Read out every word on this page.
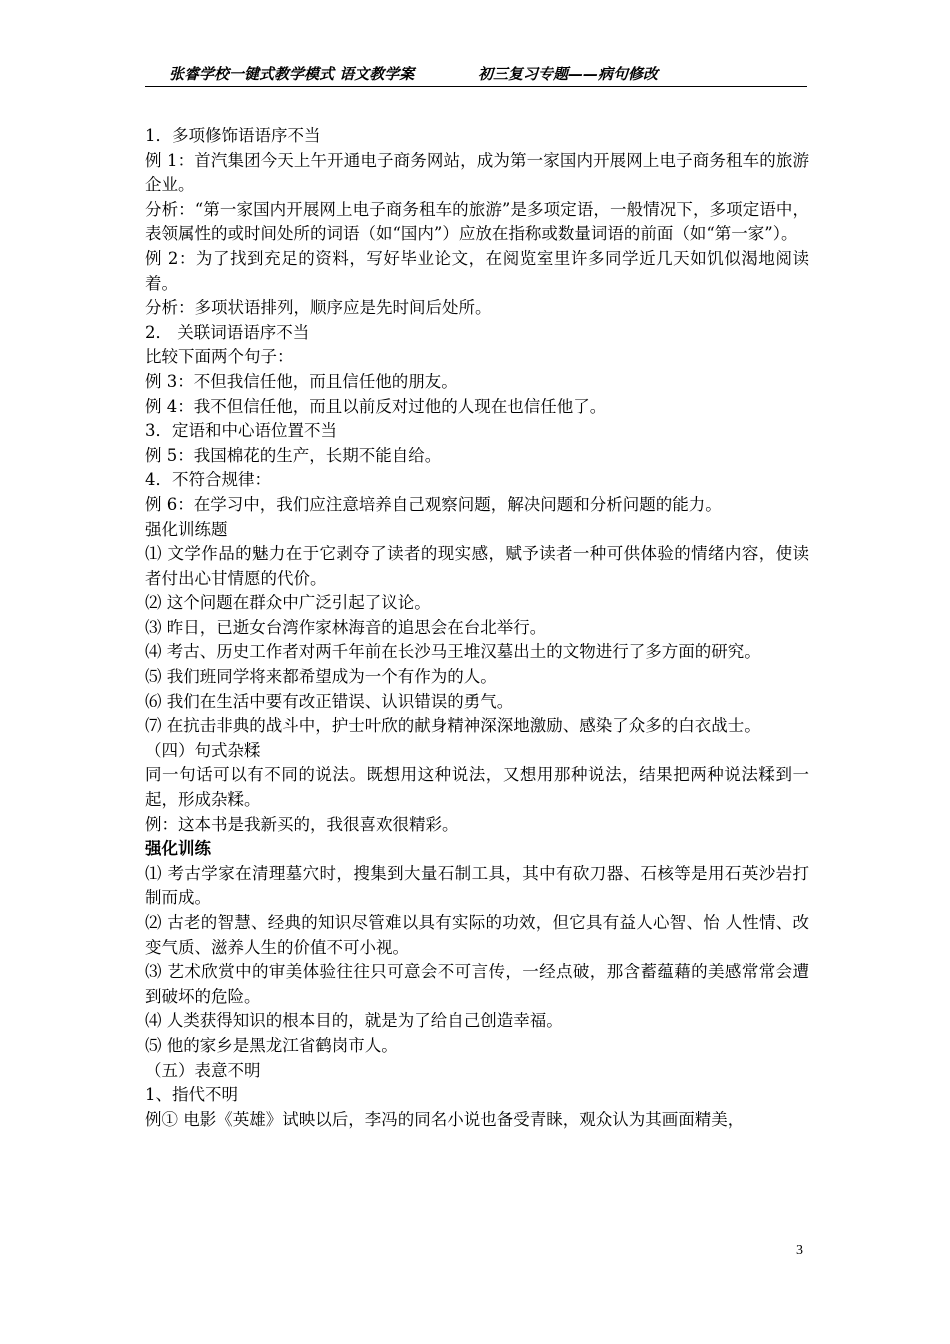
张睿学校一键式教学模式 语文教学案	初三复习专题——病句修改

1．多项修饰语语序不当

例 1：首汽集团今天上午开通电子商务网站，成为第一家国内开展网上电子商务租车的旅游企业。

分析：“第一家国内开展网上电子商务租车的旅游”是多项定语，一般情况下，多项定语中，表领属性的或时间处所的词语（如“国内”）应放在指称或数量词语的前面（如“第一家”）。

例 2：为了找到充足的资料，写好毕业论文，在阅览室里许多同学近几天如饥似渴地阅读着。

分析：多项状语排列，顺序应是先时间后处所。

2． 关联词语语序不当

比较下面两个句子：

例 3：不但我信任他，而且信任他的朋友。

例 4：我不但信任他，而且以前反对过他的人现在也信任他了。

3．定语和中心语位置不当

例 5：我国棉花的生产，长期不能自给。

4．不符合规律：

例 6：在学习中，我们应注意培养自己观察问题，解决问题和分析问题的能力。

强化训练题

⑴ 文学作品的魅力在于它剥夺了读者的现实感，赋予读者一种可供体验的情绪内容，使读者付出心甘情愿的代价。

⑵ 这个问题在群众中广泛引起了议论。

⑶ 昨日，已逝女台湾作家林海音的追思会在台北举行。

⑷ 考古、历史工作者对两千年前在长沙马王堆汉墓出土的文物进行了多方面的研究。

⑸ 我们班同学将来都希望成为一个有作为的人。

⑹ 我们在生活中要有改正错误、认识错误的勇气。

⑺ 在抗击非典的战斗中，护士叶欣的献身精神深深地激励、感染了众多的白衣战士。

（四）句式杂糅

同一句话可以有不同的说法。既想用这种说法，又想用那种说法，结果把两种说法糅到一起，形成杂糅。

例：这本书是我新买的，我很喜欢很精彩。

强化训练

⑴ 考古学家在清理墓穴时，搜集到大量石制工具，其中有砍刀器、石核等是用石英沙岩打制而成。

⑵ 古老的智慧、经典的知识尽管难以具有实际的功效，但它具有益人心智、怡 人性情、改变气质、滋养人生的价值不可小视。

⑶ 艺术欣赏中的审美体验往往只可意会不可言传，一经点破，那含蓄蕴藉的美感常常会遭到破坏的危险。

⑷ 人类获得知识的根本目的，就是为了给自己创造幸福。

⑸ 他的家乡是黑龙江省鹤岗市人。

（五）表意不明

1、指代不明

例① 电影《英雄》试映以后，李冯的同名小说也备受青睐，观众认为其画面精美，

3
